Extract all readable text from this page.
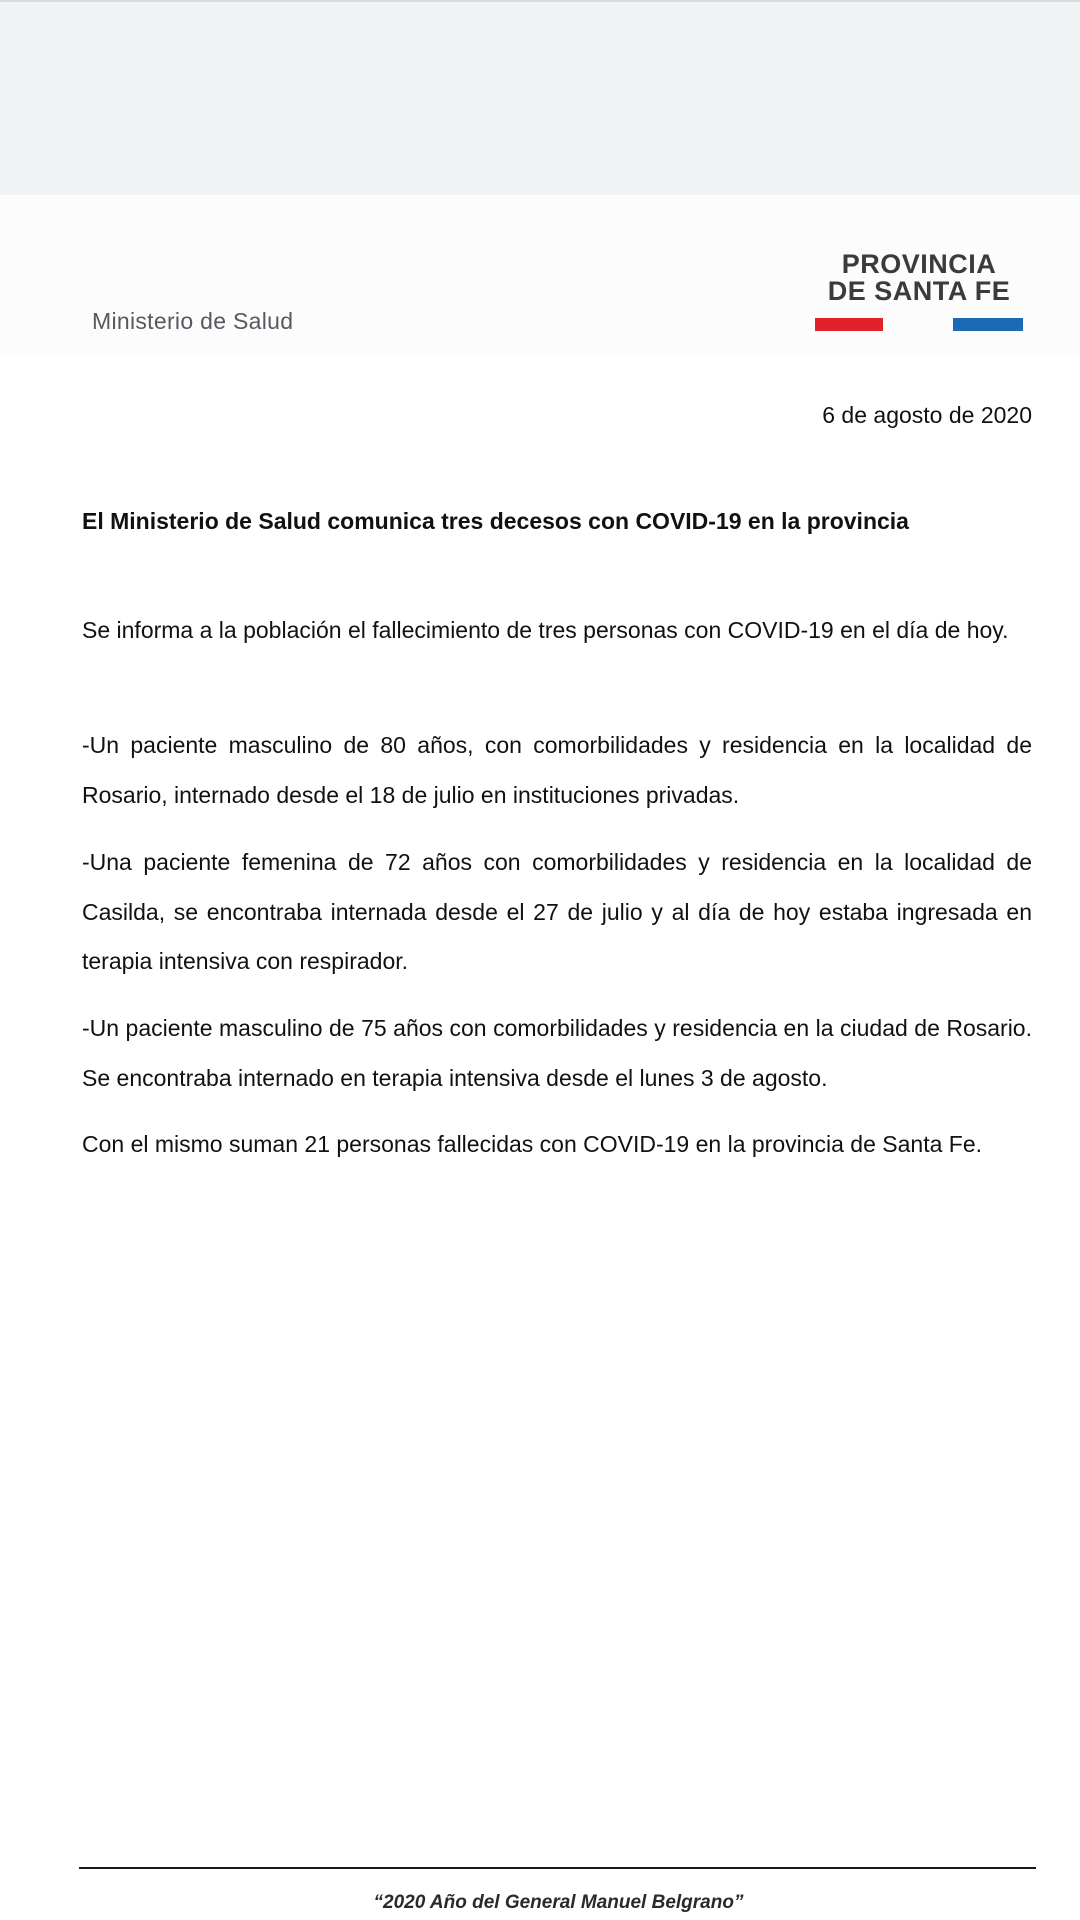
Ministerio de Salud
PROVINCIA
DE SANTA FE
6 de agosto de 2020
El Ministerio de Salud comunica tres decesos con COVID-19 en la provincia
Se informa a la población el fallecimiento de tres personas con COVID-19 en el día de hoy.
-Un paciente masculino de 80 años, con comorbilidades y residencia en la localidad de Rosario, internado desde el 18 de julio en instituciones privadas.
-Una paciente femenina de 72 años con comorbilidades y residencia en la localidad de Casilda, se encontraba internada desde el 27 de julio y al día de hoy estaba ingresada en terapia intensiva con respirador.
-Un paciente masculino de 75 años con comorbilidades y residencia en la ciudad de Rosario. Se encontraba internado en terapia intensiva desde el lunes 3 de agosto.
Con el mismo suman 21 personas fallecidas con COVID-19 en la provincia de Santa Fe.
“2020 Año del General Manuel Belgrano”
